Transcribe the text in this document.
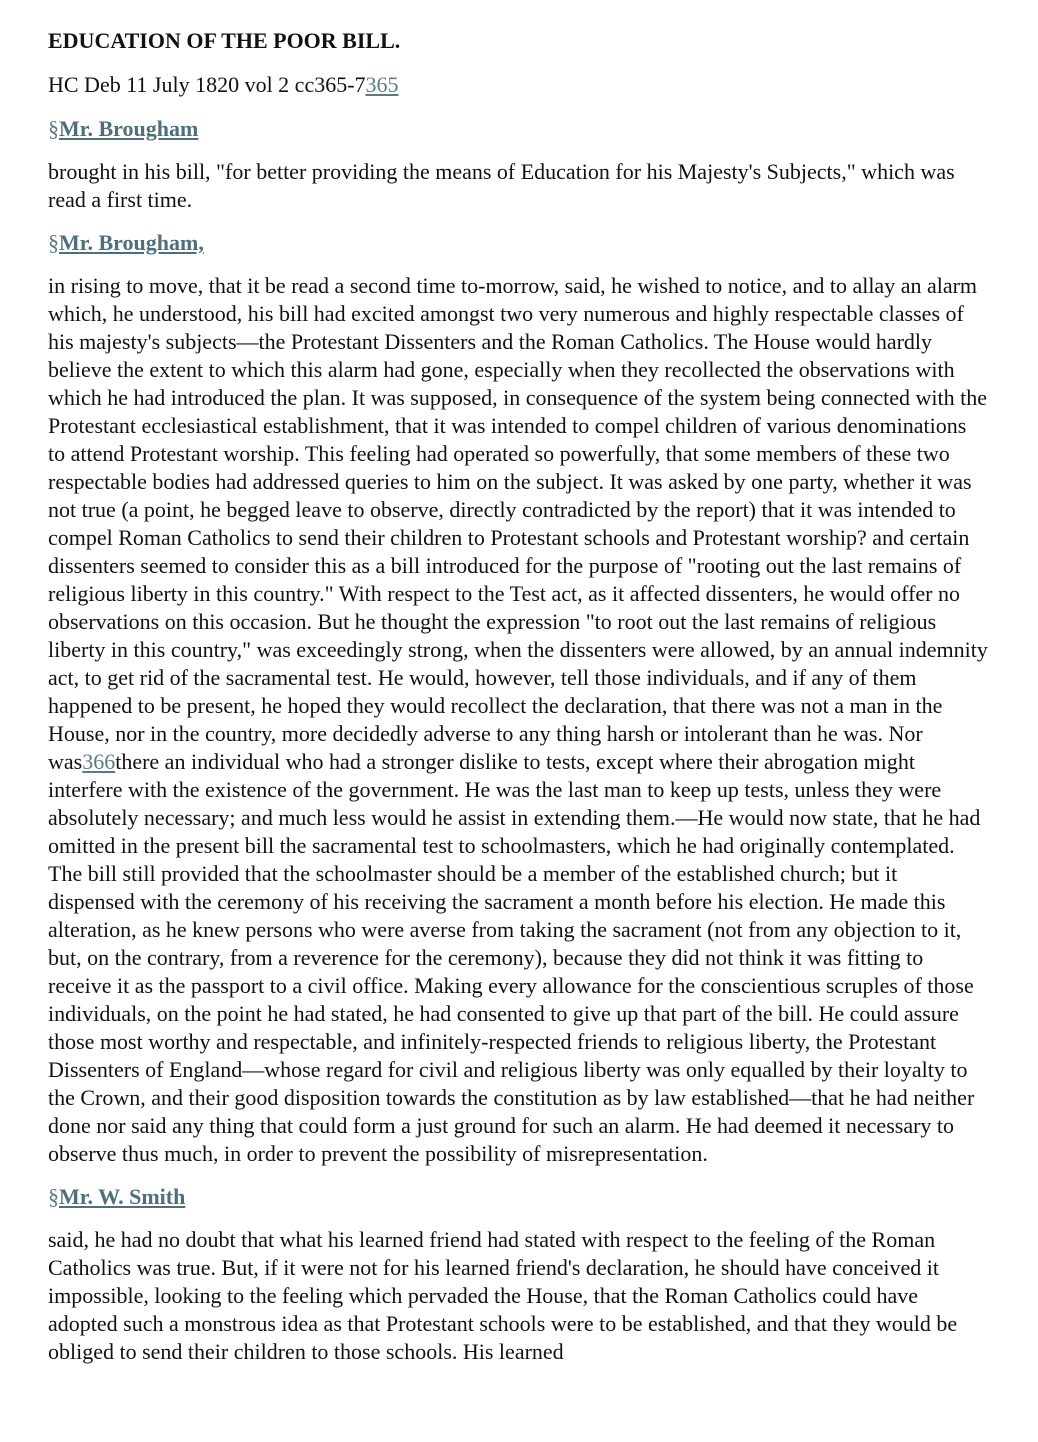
EDUCATION OF THE POOR BILL.

HC Deb 11 July 1820 vol 2 cc365-7365

§Mr. Brougham

brought in his bill, "for better providing the means of Education for his Majesty's Subjects," which was read a first time.

§Mr. Brougham,

in rising to move, that it be read a second time to-morrow, said, he wished to notice, and to allay an alarm which, he understood, his bill had excited amongst two very numerous and highly respectable classes of his majesty's subjects—the Protestant Dissenters and the Roman Catholics. The House would hardly believe the extent to which this alarm had gone, especially when they recollected the observations with which he had introduced the plan. It was supposed, in consequence of the system being connected with the Protestant ecclesiastical establishment, that it was intended to compel children of various denominations to attend Protestant worship. This feeling had operated so powerfully, that some members of these two respectable bodies had addressed queries to him on the subject. It was asked by one party, whether it was not true (a point, he begged leave to observe, directly contradicted by the report) that it was intended to compel Roman Catholics to send their children to Protestant schools and Protestant worship? and certain dissenters seemed to consider this as a bill introduced for the purpose of "rooting out the last remains of religious liberty in this country." With respect to the Test act, as it affected dissenters, he would offer no observations on this occasion. But he thought the expression "to root out the last remains of religious liberty in this country," was exceedingly strong, when the dissenters were allowed, by an annual indemnity act, to get rid of the sacramental test. He would, however, tell those individuals, and if any of them happened to be present, he hoped they would recollect the declaration, that there was not a man in the House, nor in the country, more decidedly adverse to any thing harsh or intolerant than he was. Nor was366there an individual who had a stronger dislike to tests, except where their abrogation might interfere with the existence of the government. He was the last man to keep up tests, unless they were absolutely necessary; and much less would he assist in extending them.—He would now state, that he had omitted in the present bill the sacramental test to schoolmasters, which he had originally contemplated. The bill still provided that the schoolmaster should be a member of the established church; but it dispensed with the ceremony of his receiving the sacrament a month before his election. He made this alteration, as he knew persons who were averse from taking the sacrament (not from any objection to it, but, on the contrary, from a reverence for the ceremony), because they did not think it was fitting to receive it as the passport to a civil office. Making every allowance for the conscientious scruples of those individuals, on the point he had stated, he had consented to give up that part of the bill. He could assure those most worthy and respectable, and infinitely-respected friends to religious liberty, the Protestant Dissenters of England—whose regard for civil and religious liberty was only equalled by their loyalty to the Crown, and their good disposition towards the constitution as by law established—that he had neither done nor said any thing that could form a just ground for such an alarm. He had deemed it necessary to observe thus much, in order to prevent the possibility of misrepresentation.

§Mr. W. Smith

said, he had no doubt that what his learned friend had stated with respect to the feeling of the Roman Catholics was true. But, if it were not for his learned friend's declaration, he should have conceived it impossible, looking to the feeling which pervaded the House, that the Roman Catholics could have adopted such a monstrous idea as that Protestant schools were to be established, and that they would be obliged to send their children to those schools. His learned
